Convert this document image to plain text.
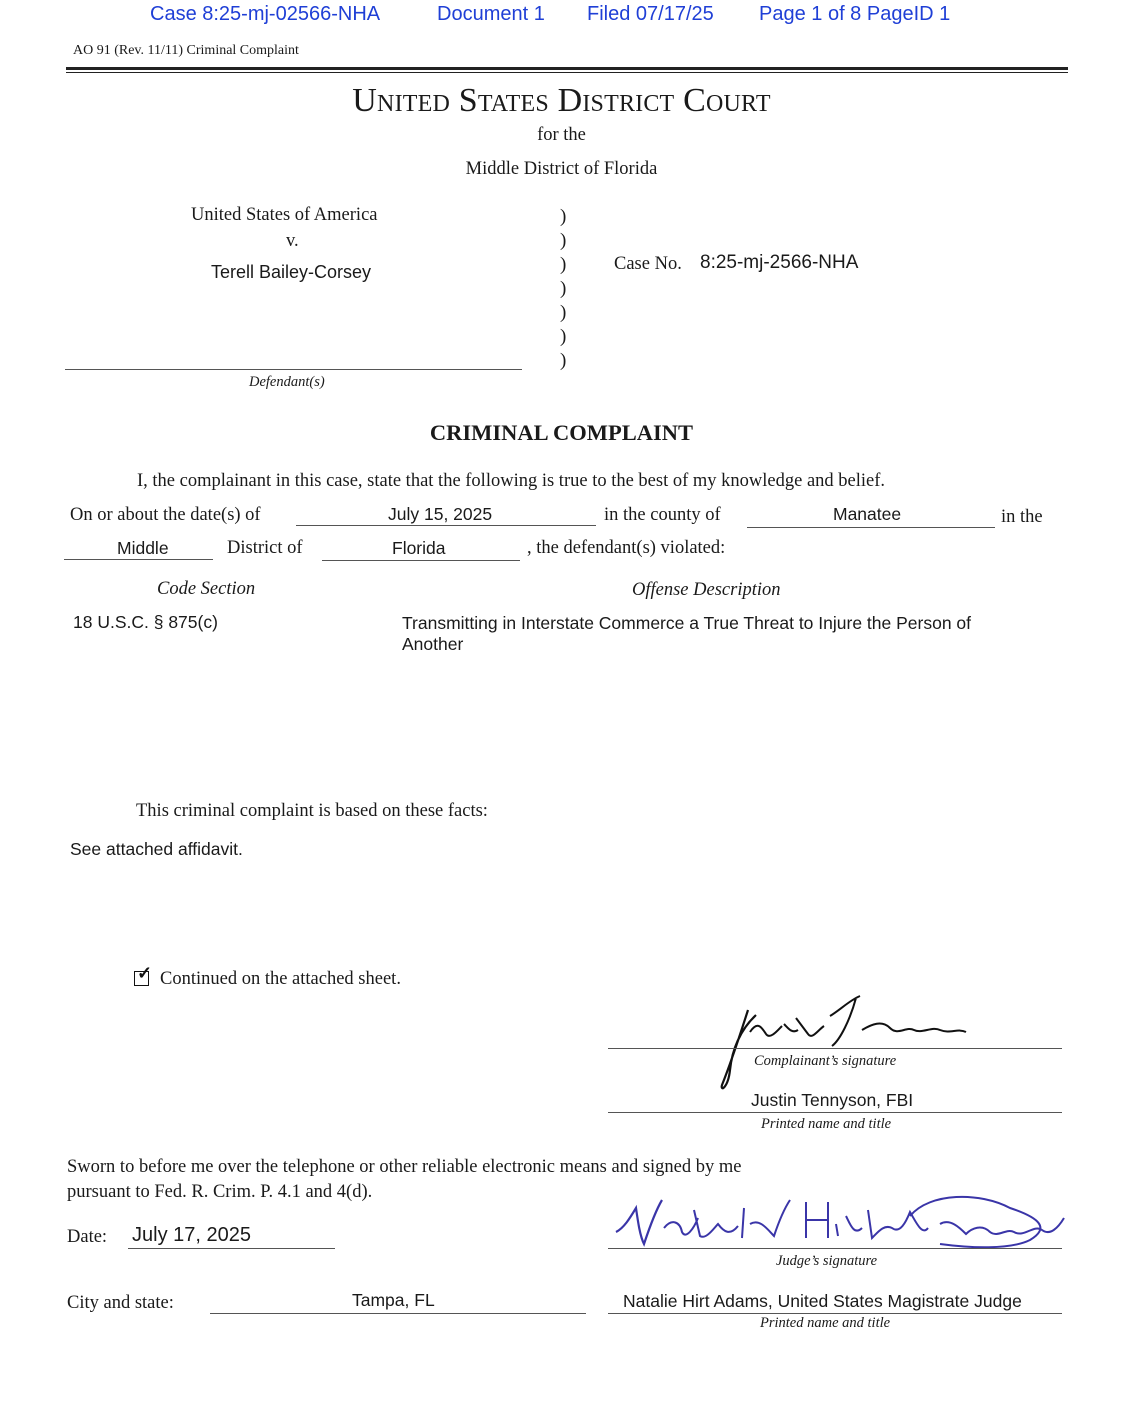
Case 8:25-mj-02566-NHA	Document 1 Filed 07/17/25 Page 1 of 8 PageID 1
AO 91 (Rev. 11/11) Criminal Complaint
United States District Court
for the
Middle District of Florida
United States of America
v.
Terell Bailey-Corsey
Defendant(s)
)
)
)
)
)
)
)
Case No. 8:25-mj-2566-NHA
CRIMINAL COMPLAINT
I, the complainant in this case, state that the following is true to the best of my knowledge and belief.
On or about the date(s) of	July 15, 2025	in the county of	Manatee	in the
Middle	District of	Florida	, the defendant(s) violated:
Code Section	Offense Description
18 U.S.C. § 875(c)	Transmitting in Interstate Commerce a True Threat to Injure the Person of
Another
This criminal complaint is based on these facts:
See attached affidavit.
✓ Continued on the attached sheet.
Complainant’s signature
Justin Tennyson, FBI
Printed name and title
Sworn to before me over the telephone or other reliable electronic means and signed by me
pursuant to Fed. R. Crim. P. 4.1 and 4(d).
Date: July 17, 2025
Judge’s signature
City and state:	Tampa, FL	Natalie Hirt Adams, United States Magistrate Judge
Printed name and title
